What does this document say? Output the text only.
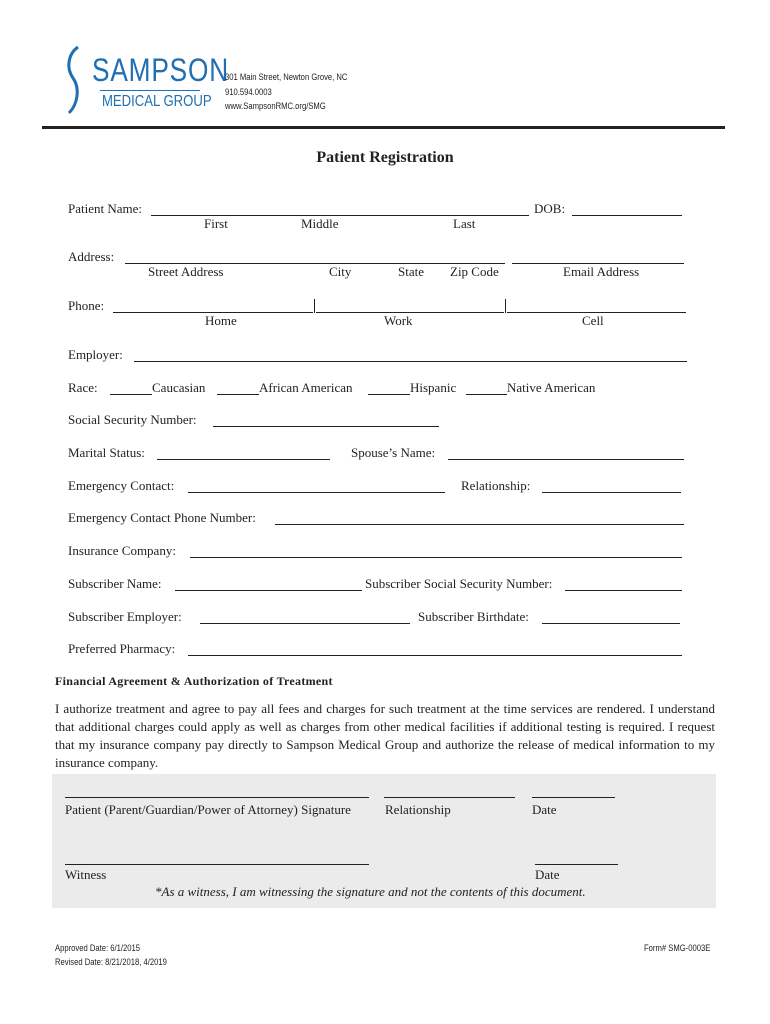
SAMPSON
MEDICAL GROUP
301 Main Street, Newton Grove, NC
910.594.0003
www.SampsonRMC.org/SMG
Patient Registration
Patient Name:	DOB:
First	Middle	Last
Address:
Street Address	City	State Zip Code	Email Address
Phone:
Home	Work	Cell
Employer:
Race:	Caucasian	African American	Hispanic	Native American
Social Security Number:
Marital Status:	Spouse’s Name:
Emergency Contact:	Relationship:
Emergency Contact Phone Number:
Insurance Company:
Subscriber Name:	Subscriber Social Security Number:
Subscriber Employer:	Subscriber Birthdate:
Preferred Pharmacy:
Financial Agreement & Authorization of Treatment
I authorize treatment and agree to pay all fees and charges for such treatment at the time services are rendered. I understand that additional charges could apply as well as charges from other medical facilities if additional testing is required. I request that my insurance company pay directly to Sampson Medical Group and authorize the release of medical information to my insurance company.
Patient (Parent/Guardian/Power of Attorney) Signature	Relationship	Date
Witness	Date
*As a witness, I am witnessing the signature and not the contents of this document.
Approved Date: 6/1/2015
Revised Date: 8/21/2018, 4/2019
Form# SMG-0003E
